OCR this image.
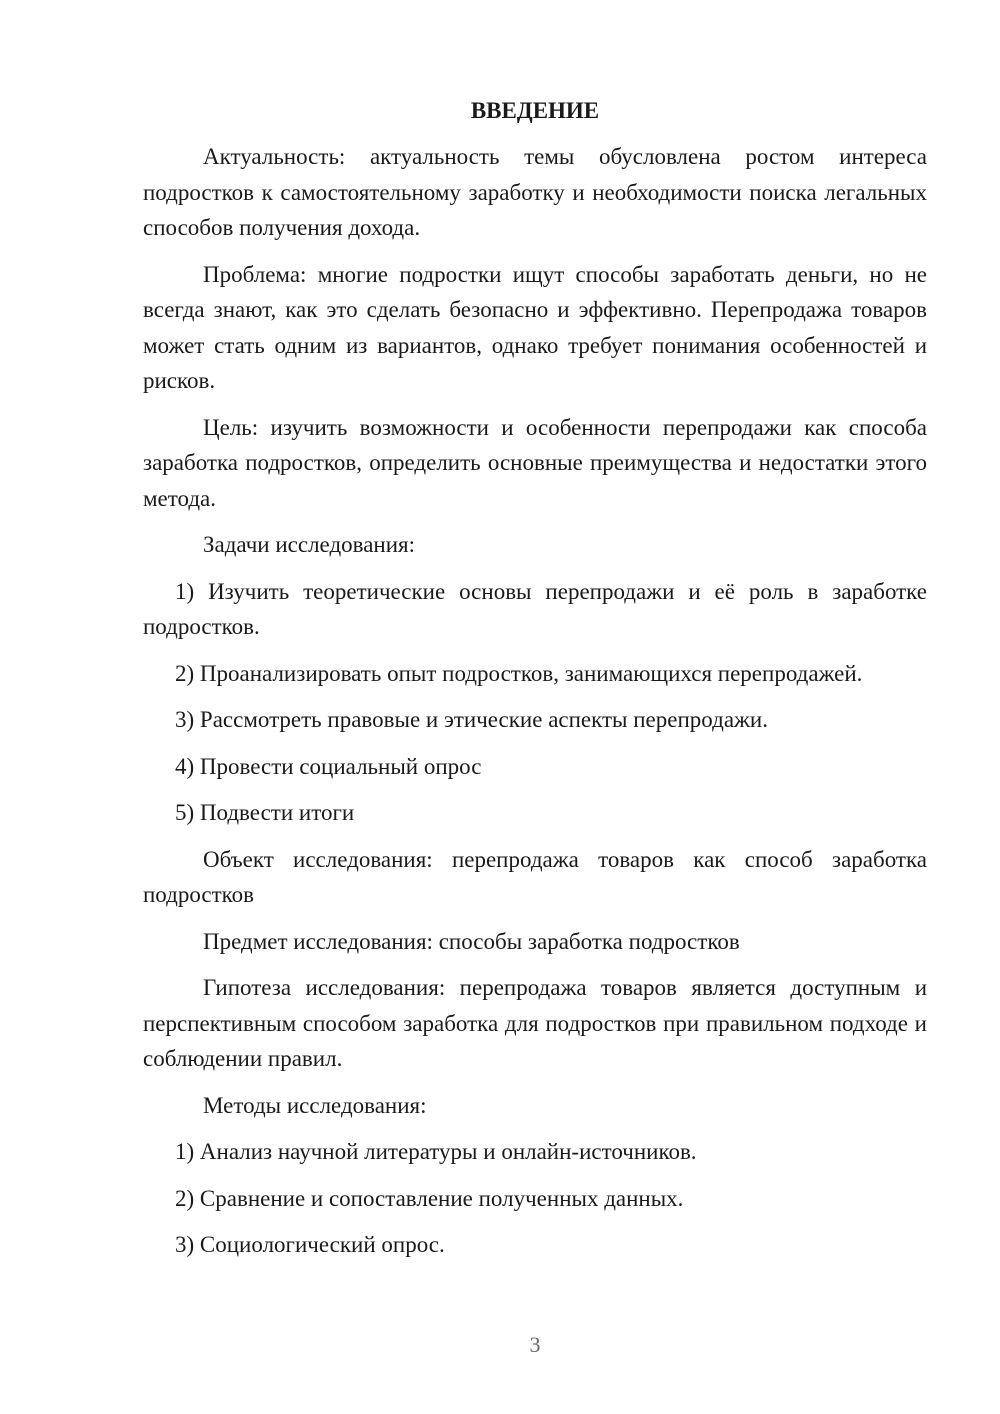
ВВЕДЕНИЕ

Актуальность: актуальность темы обусловлена ростом интереса подростков к самостоятельному заработку и необходимости поиска легальных способов получения дохода.

Проблема: многие подростки ищут способы заработать деньги, но не всегда знают, как это сделать безопасно и эффективно. Перепродажа товаров может стать одним из вариантов, однако требует понимания особенностей и рисков.

Цель: изучить возможности и особенности перепродажи как способа заработка подростков, определить основные преимущества и недостатки этого метода.

Задачи исследования:

1) Изучить теоретические основы перепродажи и её роль в заработке подростков.

2) Проанализировать опыт подростков, занимающихся перепродажей.

3) Рассмотреть правовые и этические аспекты перепродажи.

4) Провести социальный опрос

5) Подвести итоги

Объект исследования: перепродажа товаров как способ заработка подростков

Предмет исследования: способы заработка подростков

Гипотеза исследования: перепродажа товаров является доступным и перспективным способом заработка для подростков при правильном подходе и соблюдении правил.

Методы исследования:

1) Анализ научной литературы и онлайн-источников.

2) Сравнение и сопоставление полученных данных.

3) Социологический опрос.

3
